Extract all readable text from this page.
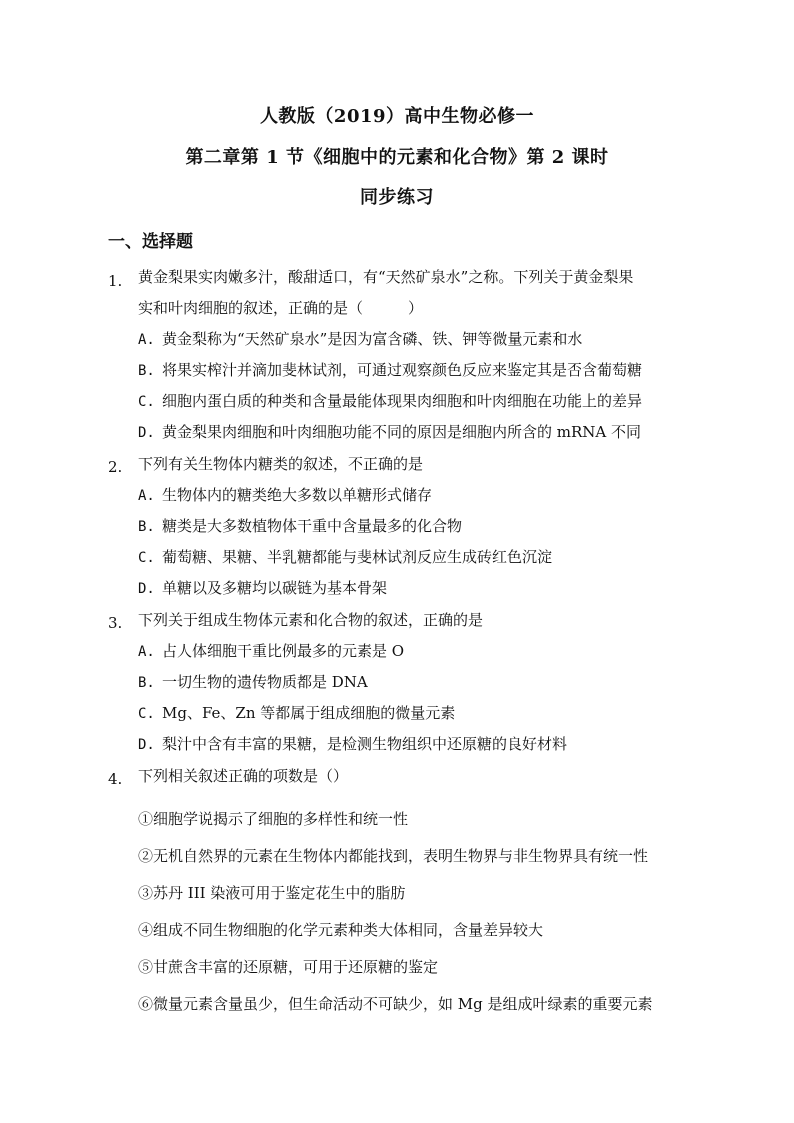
人教版（2019）高中生物必修一
第二章第 1 节《细胞中的元素和化合物》第 2 课时
同步练习
一、选择题
1. 黄金梨果实肉嫩多汁，酸甜适口，有“天然矿泉水”之称。下列关于黄金梨果
实和叶肉细胞的叙述，正确的是（　　　）
A. 黄金梨称为“天然矿泉水”是因为富含磷、铁、钾等微量元素和水
B. 将果实榨汁并滴加斐林试剂，可通过观察颜色反应来鉴定其是否含葡萄糖
C. 细胞内蛋白质的种类和含量最能体现果肉细胞和叶肉细胞在功能上的差异
D. 黄金梨果肉细胞和叶肉细胞功能不同的原因是细胞内所含的 mRNA 不同
2. 下列有关生物体内糖类的叙述，不正确的是
A. 生物体内的糖类绝大多数以单糖形式储存
B. 糖类是大多数植物体干重中含量最多的化合物
C. 葡萄糖、果糖、半乳糖都能与斐林试剂反应生成砖红色沉淀
D. 单糖以及多糖均以碳链为基本骨架
3. 下列关于组成生物体元素和化合物的叙述，正确的是
A. 占人体细胞干重比例最多的元素是 O
B. 一切生物的遗传物质都是 DNA
C. Mg、Fe、Zn 等都属于组成细胞的微量元素
D. 梨汁中含有丰富的果糖，是检测生物组织中还原糖的良好材料
4. 下列相关叙述正确的项数是（）
①细胞学说揭示了细胞的多样性和统一性
②无机自然界的元素在生物体内都能找到，表明生物界与非生物界具有统一性
③苏丹 III 染液可用于鉴定花生中的脂肪
④组成不同生物细胞的化学元素种类大体相同，含量差异较大
⑤甘蔗含丰富的还原糖，可用于还原糖的鉴定
⑥微量元素含量虽少，但生命活动不可缺少，如 Mg 是组成叶绿素的重要元素
